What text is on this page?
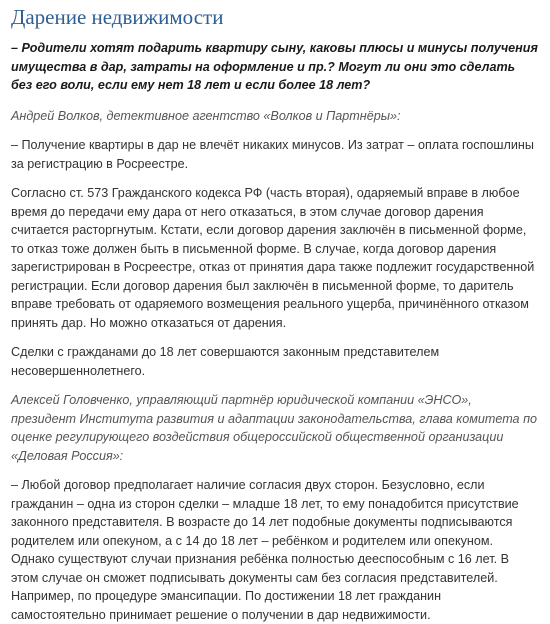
Дарение недвижимости

– Родители хотят подарить квартиру сыну, каковы плюсы и минусы получения имущества в дар, затраты на оформление и пр.? Могут ли они это сделать без его воли, если ему нет 18 лет и если более 18 лет?

Андрей Волков, детективное агентство «Волков и Партнёры»:

– Получение квартиры в дар не влечёт никаких минусов. Из затрат – оплата госпошлины за регистрацию в Росреестре.

Согласно ст. 573 Гражданского кодекса РФ (часть вторая), одаряемый вправе в любое время до передачи ему дара от него отказаться, в этом случае договор дарения считается расторгнутым. Кстати, если договор дарения заключён в письменной форме, то отказ тоже должен быть в письменной форме. В случае, когда договор дарения зарегистрирован в Росреестре, отказ от принятия дара также подлежит государственной регистрации. Если договор дарения был заключён в письменной форме, то даритель вправе требовать от одаряемого возмещения реального ущерба, причинённого отказом принять дар. Но можно отказаться от дарения.

Сделки с гражданами до 18 лет совершаются законным представителем несовершеннолетнего.

Алексей Головченко, управляющий партнёр юридической компании «ЭНСО», президент Института развития и адаптации законодательства, глава комитета по оценке регулирующего воздействия общероссийской общественной организации «Деловая Россия»:

– Любой договор предполагает наличие согласия двух сторон. Безусловно, если гражданин – одна из сторон сделки – младше 18 лет, то ему понадобится присутствие законного представителя. В возрасте до 14 лет подобные документы подписываются родителем или опекуном, а с 14 до 18 лет – ребёнком и родителем или опекуном. Однако существуют случаи признания ребёнка полностью дееспособным с 16 лет. В этом случае он сможет подписывать документы сам без согласия представителей. Например, по процедуре эмансипации. По достижении 18 лет гражданин самостоятельно принимает решение о получении в дар недвижимости.
